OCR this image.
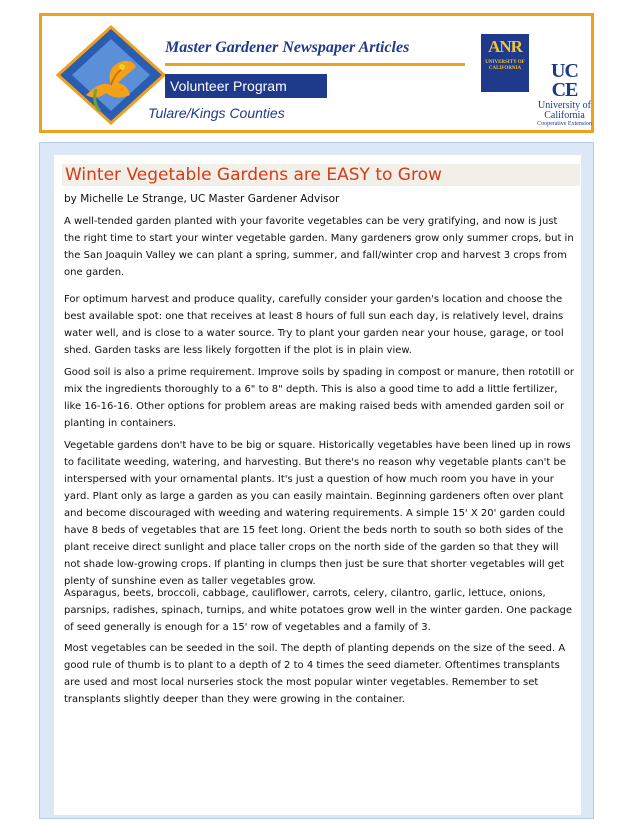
Master Gardener Newspaper Articles
Volunteer Program
Tulare/Kings Counties
ANR
UNIVERSITY OF CALIFORNIA	UC
CE
University of California
Cooperative Extension
Winter Vegetable Gardens are EASY to Grow
by Michelle Le Strange, UC Master Gardener Advisor

A well-tended garden planted with your favorite vegetables can be very gratifying, and now is just the right time to start your winter vegetable garden. Many gardeners grow only summer crops, but in the San Joaquin Valley we can plant a spring, summer, and fall/winter crop and harvest 3 crops from one garden.

For optimum harvest and produce quality, carefully consider your garden's location and choose the best available spot: one that receives at least 8 hours of full sun each day, is relatively level, drains water well, and is close to a water source. Try to plant your garden near your house, garage, or tool shed. Garden tasks are less likely forgotten if the plot is in plain view.

Good soil is also a prime requirement. Improve soils by spading in compost or manure, then rototill or mix the ingredients thoroughly to a 6" to 8" depth. This is also a good time to add a little fertilizer, like 16-16-16. Other options for problem areas are making raised beds with amended garden soil or planting in containers.

Vegetable gardens don't have to be big or square. Historically vegetables have been lined up in rows to facilitate weeding, watering, and harvesting. But there's no reason why vegetable plants can't be interspersed with your ornamental plants. It's just a question of how much room you have in your yard. Plant only as large a garden as you can easily maintain. Beginning gardeners often over plant and become discouraged with weeding and watering requirements. A simple 15' X 20' garden could have 8 beds of vegetables that are 15 feet long. Orient the beds north to south so both sides of the plant receive direct sunlight and place taller crops on the north side of the garden so that they will not shade low-growing crops. If planting in clumps then just be sure that shorter vegetables will get plenty of sunshine even as taller vegetables grow.

Asparagus, beets, broccoli, cabbage, cauliflower, carrots, celery, cilantro, garlic, lettuce, onions, parsnips, radishes, spinach, turnips, and white potatoes grow well in the winter garden. One package of seed generally is enough for a 15' row of vegetables and a family of 3.

Most vegetables can be seeded in the soil. The depth of planting depends on the size of the seed. A good rule of thumb is to plant to a depth of 2 to 4 times the seed diameter. Oftentimes transplants are used and most local nurseries stock the most popular winter vegetables. Remember to set transplants slightly deeper than they were growing in the container.
